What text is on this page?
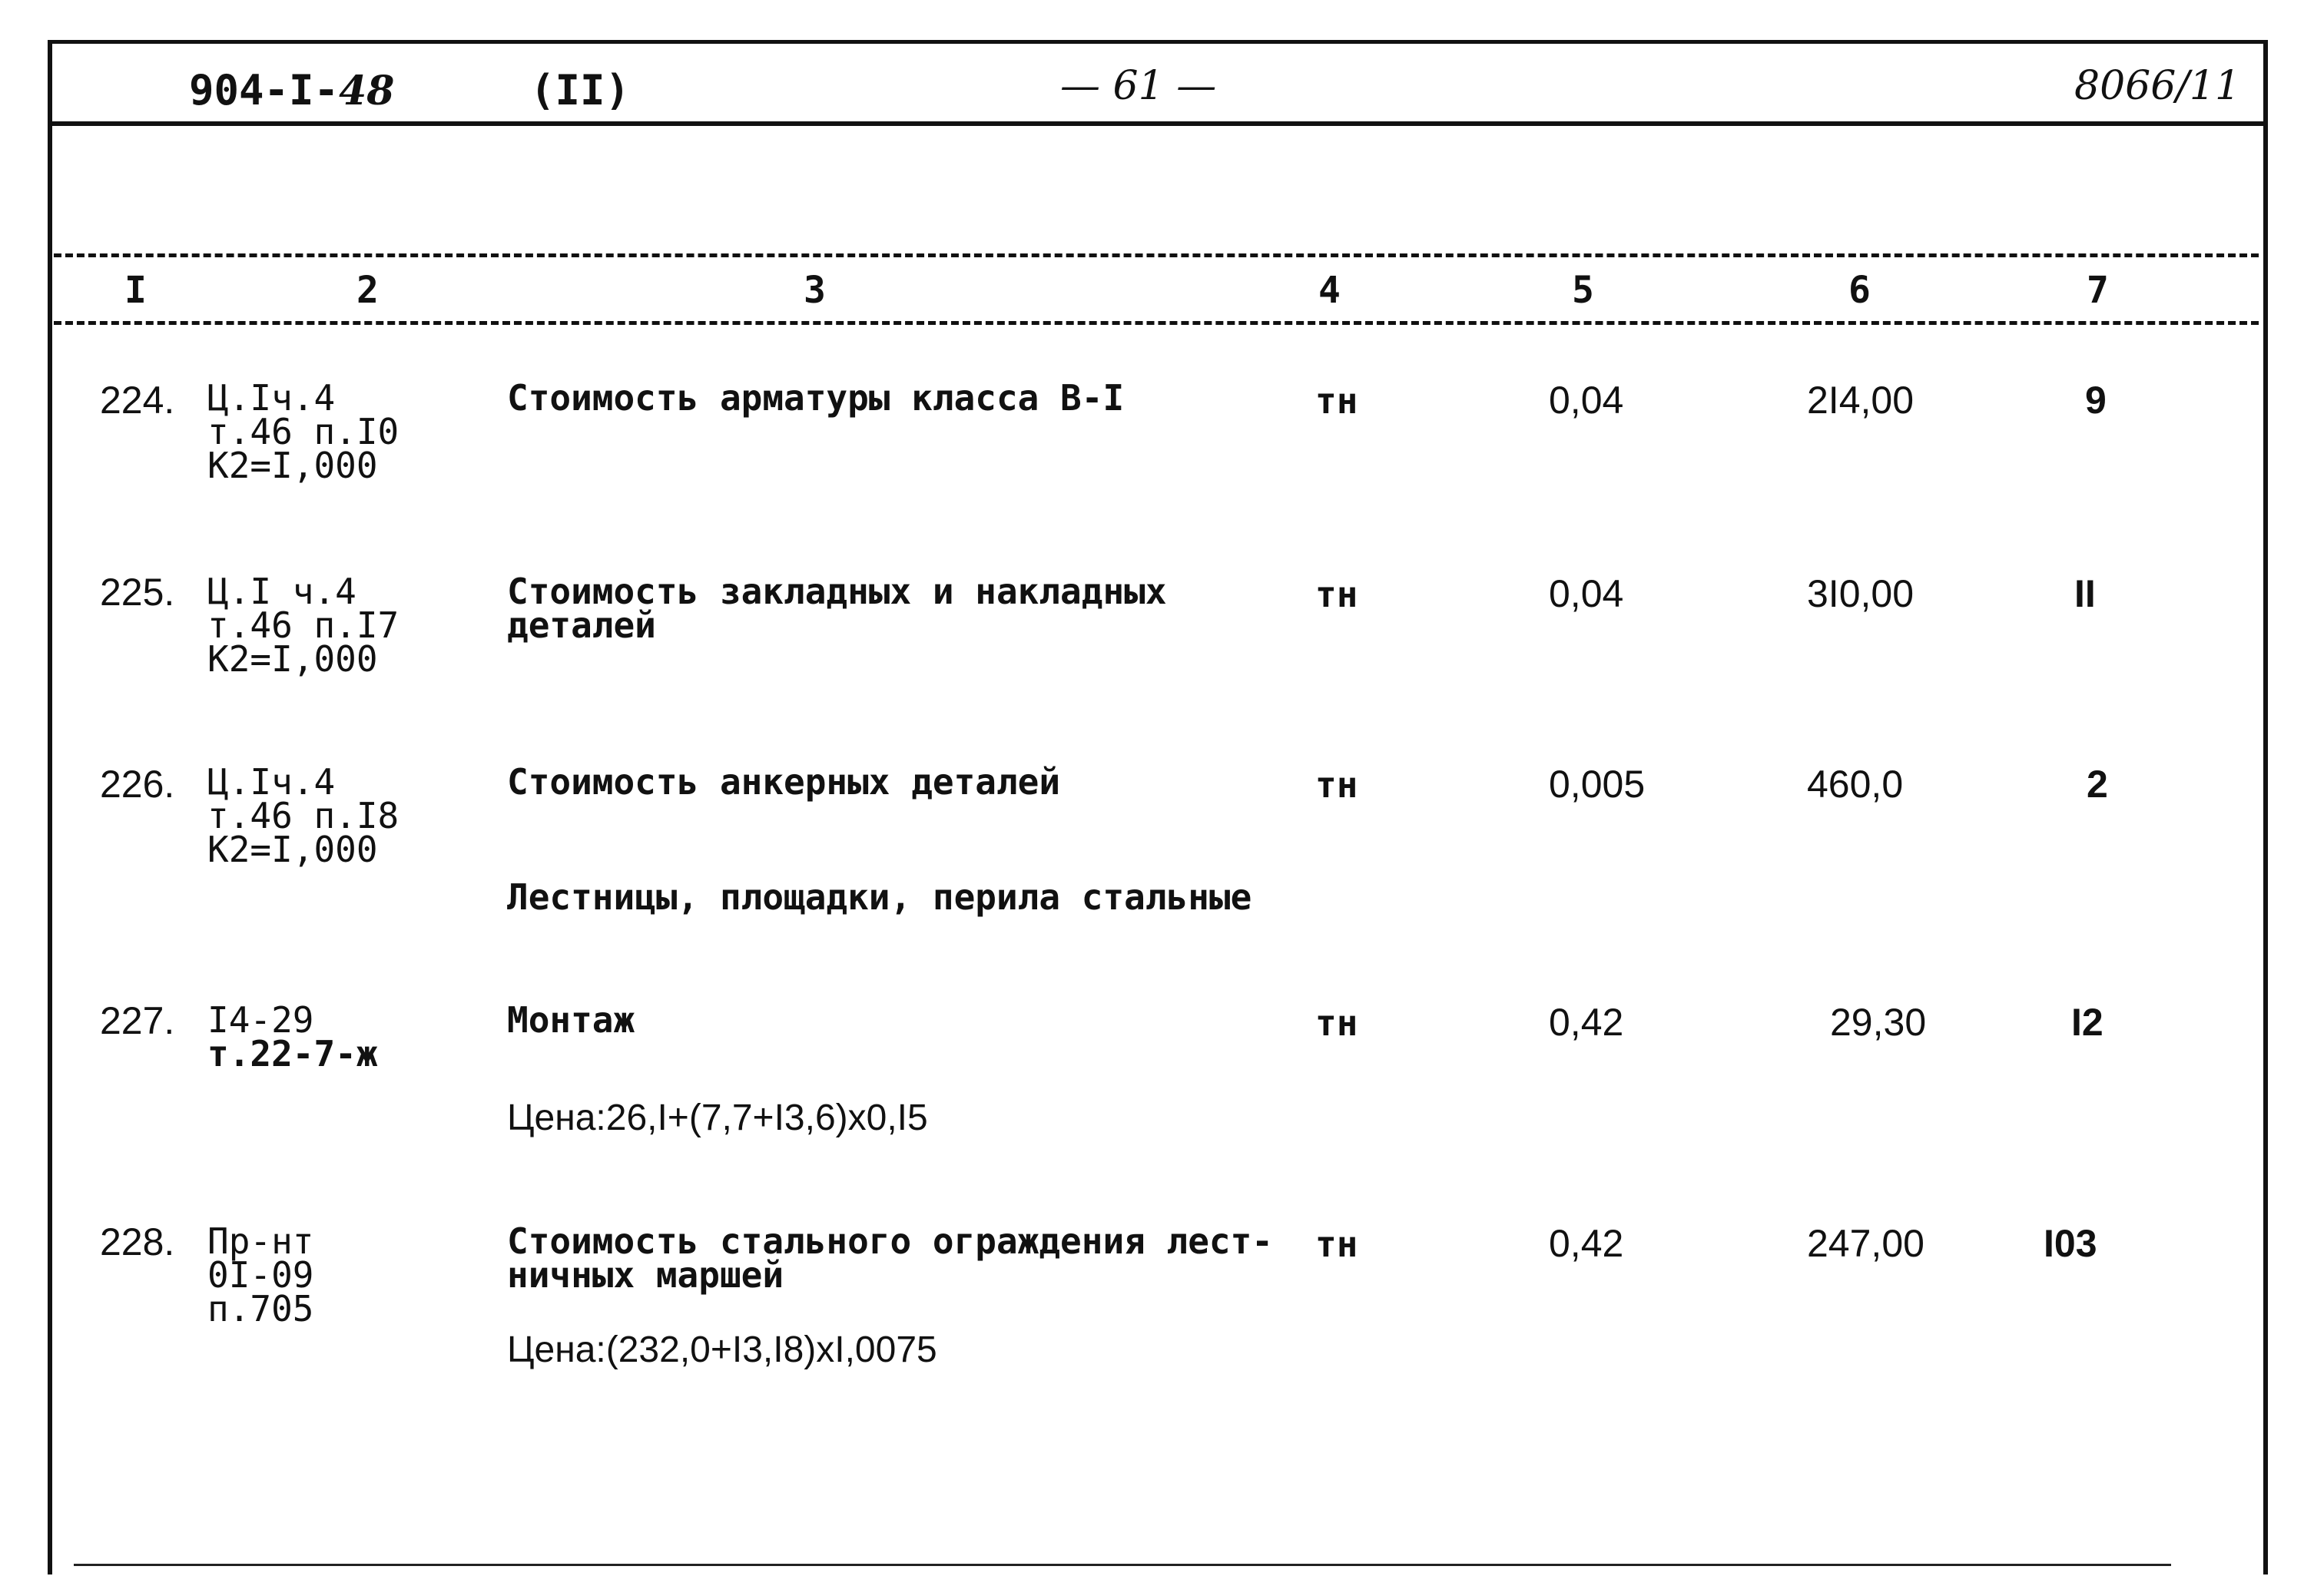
904-I-48	(II)	— 61 —	8066/11
I	2	3	4	5	6	7
224. Ц.Iч.4
т.46 п.I0
К2=I,000
Стоимость арматуры класса В-I	тн	0,04	2I4,00	9
225. Ц.I ч.4
т.46 п.I7
К2=I,000
Стоимость закладных и накладных
деталей
тн	0,04	3I0,00	II
226. Ц.Iч.4
т.46 п.I8
К2=I,000
Стоимость анкерных деталей	тн	0,005	460,0	2
Лестницы, площадки, перила стальные
227. I4-29
т.22-7-ж
Монтаж	тн	0,42	29,30	I2
Цена:26,I+(7,7+I3,6)x0,I5
228. Пр-нт
0I-09
п.705
Стоимость стального ограждения лест-
ничных маршей
тн	0,42	247,00	I03
Цена:(232,0+I3,I8)xI,0075
